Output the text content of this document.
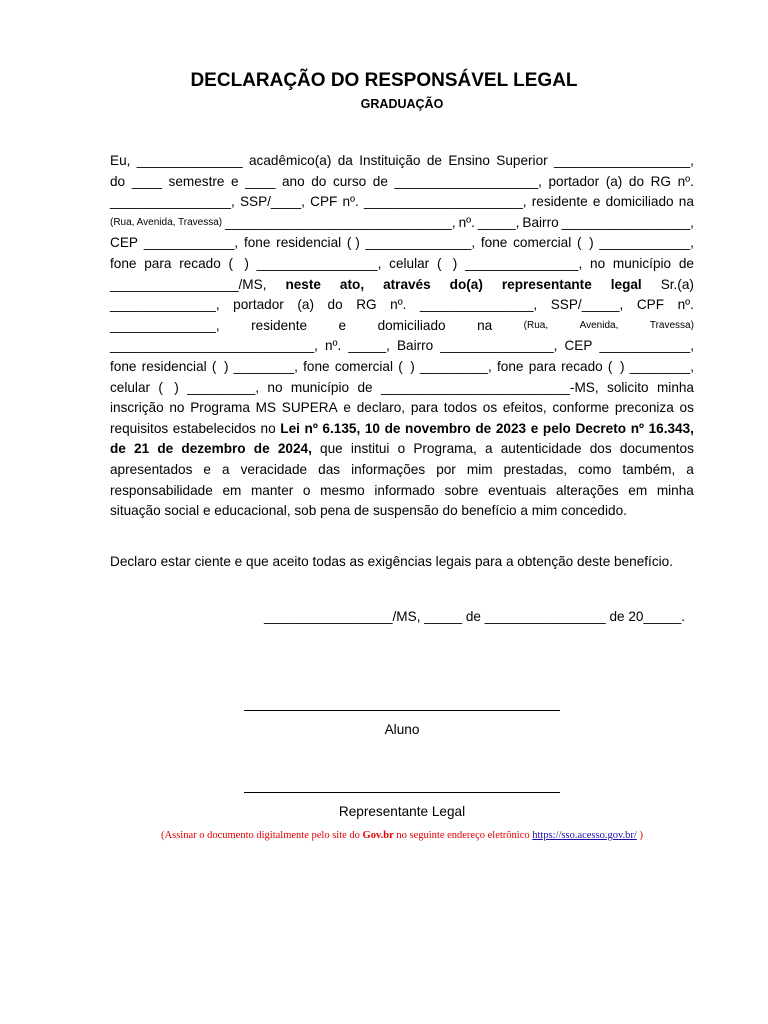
DECLARAÇÃO DO RESPONSÁVEL LEGAL
GRADUAÇÃO
Eu, ______________ acadêmico(a) da Instituição de Ensino Superior __________________,
do ____ semestre e ____ ano do curso de ___________________, portador (a) do RG nº.
________________, SSP/____, CPF nº. _____________________, residente e domiciliado na
(Rua, Avenida, Travessa) ______________________________, nº. _____, Bairro _________________,
CEP ____________, fone residencial ( ) ______________, fone comercial (  ) ____________,
fone para recado (   ) ________________, celular (   ) _______________, no município de
_________________/MS, neste ato, através do(a) representante legal Sr.(a)
______________, portador (a) do RG nº. _______________, SSP/_____, CPF nº.
______________, residente e domiciliado na	(Rua,	Avenida,	Travessa)
___________________________, nº. _____, Bairro _______________, CEP ____________,
fone residencial (  ) ________, fone comercial (  ) _________, fone para recado (  ) ________,
celular (   ) _________, no município de _________________________-MS, solicito minha
inscrição no Programa MS SUPERA e declaro, para todos os efeitos, conforme preconiza os
requisitos estabelecidos no Lei nº 6.135, 10 de novembro de 2023 e pelo Decreto nº 16.343,
de 21 de dezembro de 2024, que institui o Programa, a autenticidade dos documentos
apresentados e a veracidade das informações por mim prestadas, como também, a
responsabilidade em manter o mesmo informado sobre eventuais alterações em minha
situação social e educacional, sob pena de suspensão do benefício a mim concedido.
Declaro estar ciente e que aceito todas as exigências legais para a obtenção deste benefício.
_________________/MS, _____ de ________________ de 20_____.
Aluno
Representante Legal
(Assinar o documento digitalmente pelo site do Gov.br no seguinte endereço eletrônico https://sso.acesso.gov.br/ )
